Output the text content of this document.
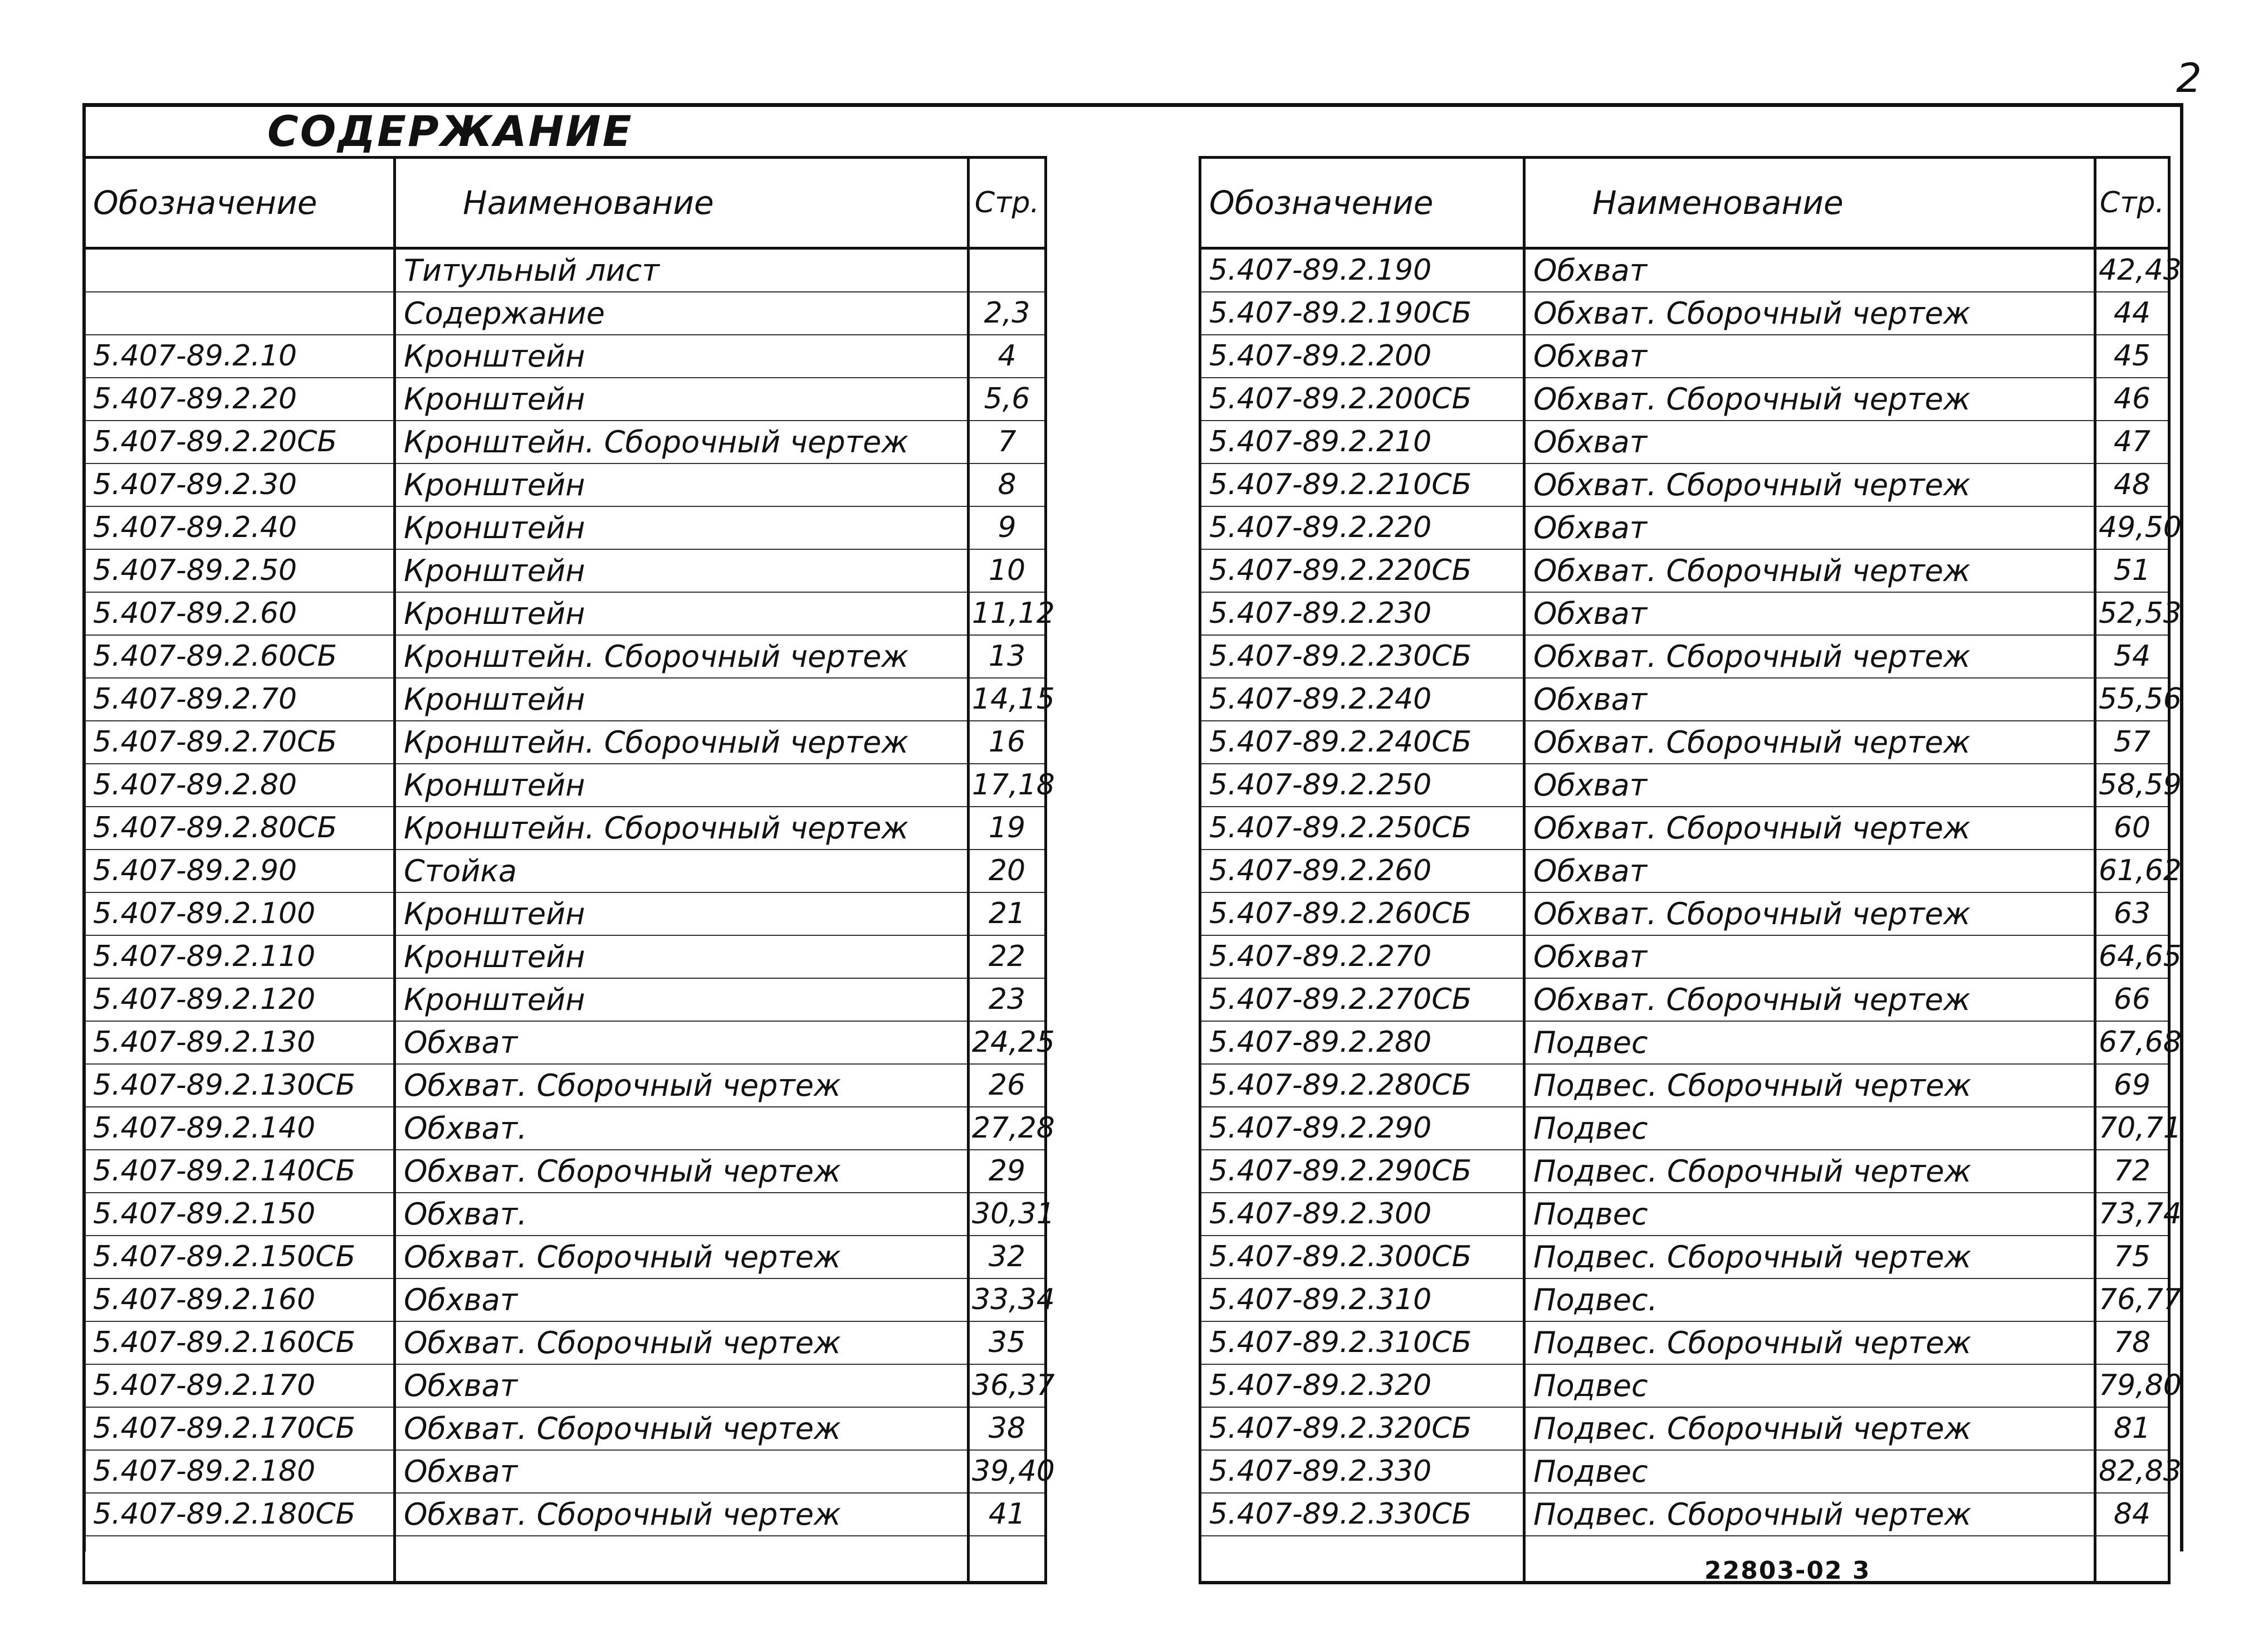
2
СОДЕРЖАНИЕ
Обозначение	Наименование	Стр.
	Титульный лист	
	Содержание	2,3
5.407-89.2.10	Кронштейн	4
5.407-89.2.20	Кронштейн	5,6
5.407-89.2.20СБ	Кронштейн. Сборочный чертеж	7
5.407-89.2.30	Кронштейн	8
5.407-89.2.40	Кронштейн	9
5.407-89.2.50	Кронштейн	10
5.407-89.2.60	Кронштейн	11,12
5.407-89.2.60СБ	Кронштейн. Сборочный чертеж	13
5.407-89.2.70	Кронштейн	14,15
5.407-89.2.70СБ	Кронштейн. Сборочный чертеж	16
5.407-89.2.80	Кронштейн	17,18
5.407-89.2.80СБ	Кронштейн. Сборочный чертеж	19
5.407-89.2.90	Стойка	20
5.407-89.2.100	Кронштейн	21
5.407-89.2.110	Кронштейн	22
5.407-89.2.120	Кронштейн	23
5.407-89.2.130	Обхват	24,25
5.407-89.2.130СБ	Обхват. Сборочный чертеж	26
5.407-89.2.140	Обхват.	27,28
5.407-89.2.140СБ	Обхват. Сборочный чертеж	29
5.407-89.2.150	Обхват.	30,31
5.407-89.2.150СБ	Обхват. Сборочный чертеж	32
5.407-89.2.160	Обхват	33,34
5.407-89.2.160СБ	Обхват. Сборочный чертеж	35
5.407-89.2.170	Обхват	36,37
5.407-89.2.170СБ	Обхват. Сборочный чертеж	38
5.407-89.2.180	Обхват	39,40
5.407-89.2.180СБ	Обхват. Сборочный чертеж	41

Обозначение	Наименование	Стр.
5.407-89.2.190	Обхват	42,43
5.407-89.2.190СБ	Обхват. Сборочный чертеж	44
5.407-89.2.200	Обхват	45
5.407-89.2.200СБ	Обхват. Сборочный чертеж	46
5.407-89.2.210	Обхват	47
5.407-89.2.210СБ	Обхват. Сборочный чертеж	48
5.407-89.2.220	Обхват	49,50
5.407-89.2.220СБ	Обхват. Сборочный чертеж	51
5.407-89.2.230	Обхват	52,53
5.407-89.2.230СБ	Обхват. Сборочный чертеж	54
5.407-89.2.240	Обхват	55,56
5.407-89.2.240СБ	Обхват. Сборочный чертеж	57
5.407-89.2.250	Обхват	58,59
5.407-89.2.250СБ	Обхват. Сборочный чертеж	60
5.407-89.2.260	Обхват	61,62
5.407-89.2.260СБ	Обхват. Сборочный чертеж	63
5.407-89.2.270	Обхват	64,65
5.407-89.2.270СБ	Обхват. Сборочный чертеж	66
5.407-89.2.280	Подвес	67,68
5.407-89.2.280СБ	Подвес. Сборочный чертеж	69
5.407-89.2.290	Подвес	70,71
5.407-89.2.290СБ	Подвес. Сборочный чертеж	72
5.407-89.2.300	Подвес	73,74
5.407-89.2.300СБ	Подвес. Сборочный чертеж	75
5.407-89.2.310	Подвес.	76,77
5.407-89.2.310СБ	Подвес. Сборочный чертеж	78
5.407-89.2.320	Подвес	79,80
5.407-89.2.320СБ	Подвес. Сборочный чертеж	81
5.407-89.2.330	Подвес	82,83
5.407-89.2.330СБ	Подвес. Сборочный чертеж	84

22803-02 3
